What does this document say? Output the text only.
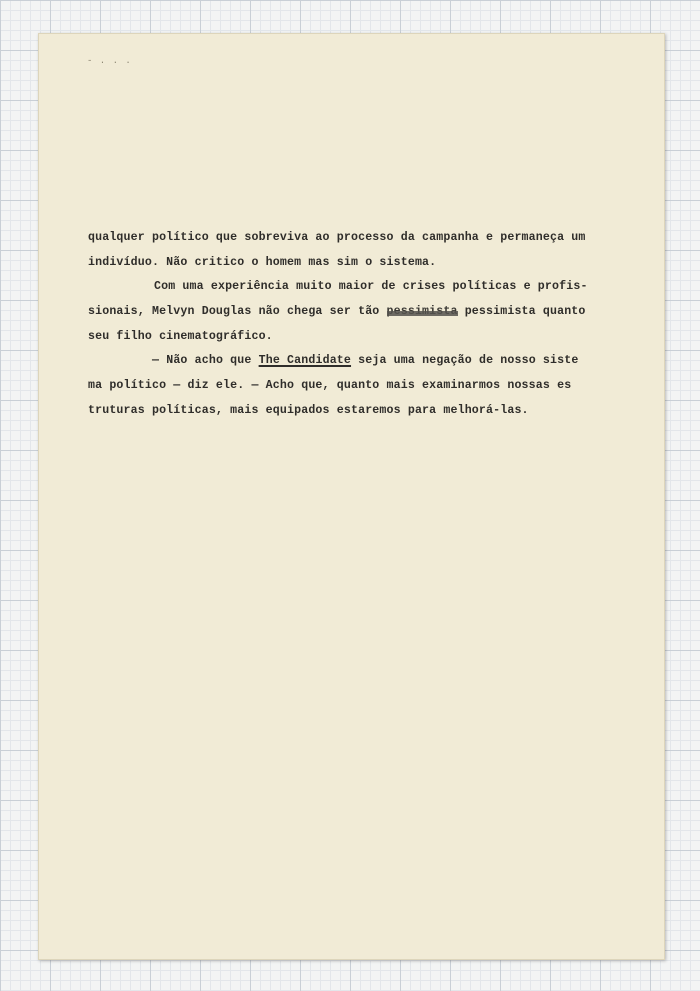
- . . .
qualquer político que sobreviva ao processo da campanha e permaneça um
indivíduo. Não critico o homem mas sim o sistema.
Com uma experiência muito maior de crises políticas e profis-
sionais, Melvyn Douglas não chega ser tão pessimista pessimista quanto
seu filho cinematográfico.
— Não acho que The Candidate seja uma negação de nosso siste
ma político — diz ele. — Acho que, quanto mais examinarmos nossas es
truturas políticas, mais equipados estaremos para melhorá-las.
